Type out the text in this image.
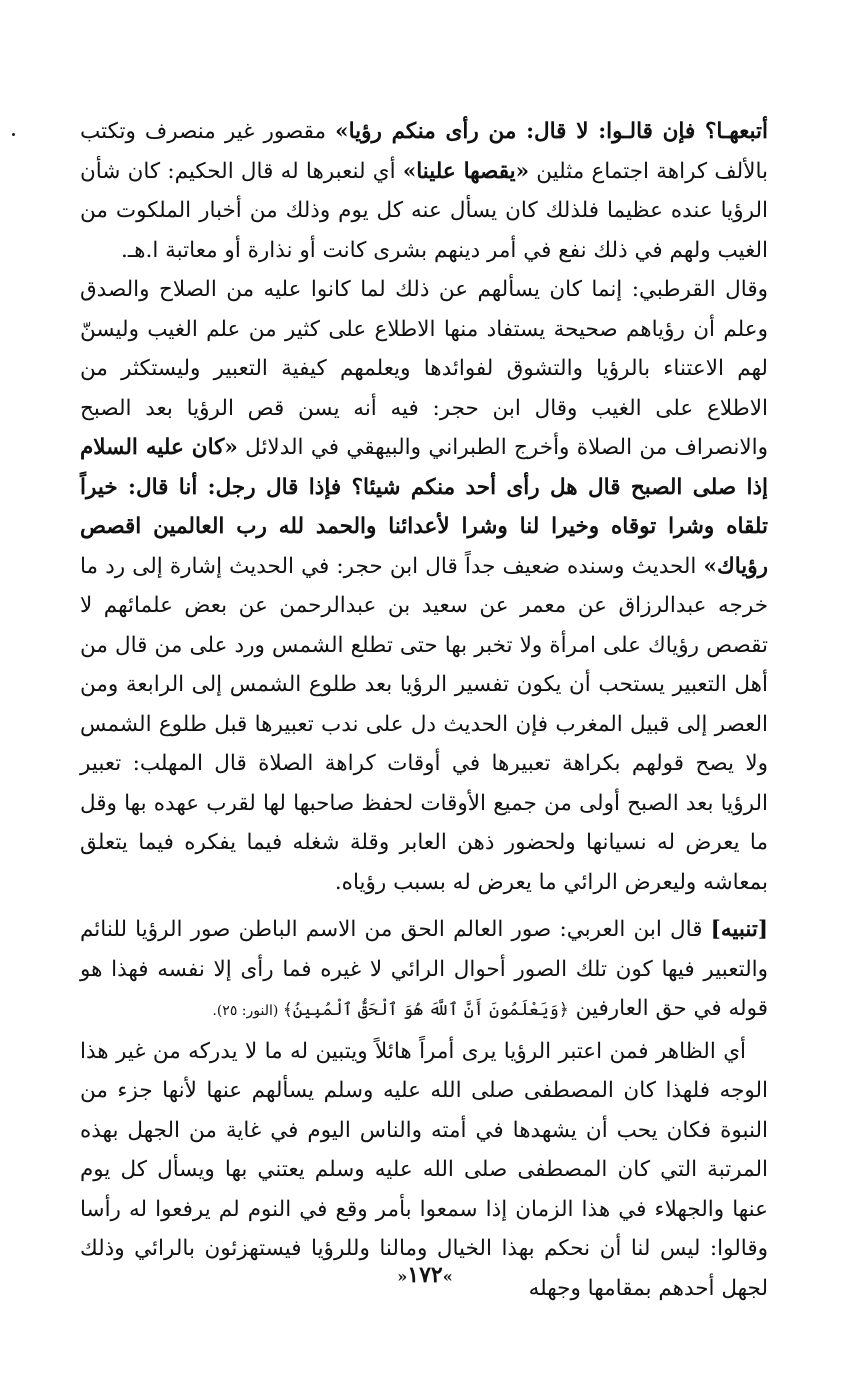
أتبعهـا؟ فإن قالـوا: لا قال: من رأى منكم رؤيا» مقصور غير منصرف وتكتب بالألف كراهة اجتماع مثلين «يقصها علينا» أي لنعبرها له قال الحكيم: كان شأن الرؤيا عنده عظيما فلذلك كان يسأل عنه كل يوم وذلك من أخبار الملكوت من الغيب ولهم في ذلك نفع في أمر دينهم بشرى كانت أو نذارة أو معاتبة ا.هـ.

وقال القرطبي: إنما كان يسألهم عن ذلك لما كانوا عليه من الصلاح والصدق وعلم أن رؤياهم صحيحة يستفاد منها الاطلاع على كثير من علم الغيب وليسنّ لهم الاعتناء بالرؤيا والتشوق لفوائدها ويعلمهم كيفية التعبير وليستكثر من الاطلاع على الغيب وقال ابن حجر: فيه أنه يسن قص الرؤيا بعد الصبح والانصراف من الصلاة وأخرج الطبراني والبيهقي في الدلائل «كان عليه السلام إذا صلى الصبح قال هل رأى أحد منكم شيئا؟ فإذا قال رجل: أنا قال: خيراً تلقاه وشرا توقاه وخيرا لنا وشرا لأعدائنا والحمد لله رب العالمين اقصص رؤياك» الحديث وسنده ضعيف جداً قال ابن حجر: في الحديث إشارة إلى رد ما خرجه عبدالرزاق عن معمر عن سعيد بن عبدالرحمن عن بعض علمائهم لا تقصص رؤياك على امرأة ولا تخبر بها حتى تطلع الشمس ورد على من قال من أهل التعبير يستحب أن يكون تفسير الرؤيا بعد طلوع الشمس إلى الرابعة ومن العصر إلى قبيل المغرب فإن الحديث دل على ندب تعبيرها قبل طلوع الشمس ولا يصح قولهم بكراهة تعبيرها في أوقات كراهة الصلاة قال المهلب: تعبير الرؤيا بعد الصبح أولى من جميع الأوقات لحفظ صاحبها لها لقرب عهده بها وقل ما يعرض له نسيانها ولحضور ذهن العابر وقلة شغله فيما يفكره فيما يتعلق بمعاشه وليعرض الرائي ما يعرض له بسبب رؤياه.

[تنبيه] قال ابن العربي: صور العالم الحق من الاسم الباطن صور الرؤيا للنائم والتعبير فيها كون تلك الصور أحوال الرائي لا غيره فما رأى إلا نفسه فهذا هو قوله في حق العارفين ﴿وَيَعْلَمُونَ أَنَّ ٱللَّهَ هُوَ ٱلْحَقُّ ٱلْمُبِينُ﴾ (النور: ٢٥).

أي الظاهر فمن اعتبر الرؤيا يرى أمراً هائلاً ويتبين له ما لا يدركه من غير هذا الوجه فلهذا كان المصطفى صلى الله عليه وسلم يسألهم عنها لأنها جزء من النبوة فكان يحب أن يشهدها في أمته والناس اليوم في غاية من الجهل بهذه المرتبة التي كان المصطفى صلى الله عليه وسلم يعتني بها ويسأل كل يوم عنها والجهلاء في هذا الزمان إذا سمعوا بأمر وقع في النوم لم يرفعوا له رأسا وقالوا: ليس لنا أن نحكم بهذا الخيال ومالنا وللرؤيا فيستهزئون بالرائي وذلك لجهل أحدهم بمقامها وجهله

»١٧٢«
